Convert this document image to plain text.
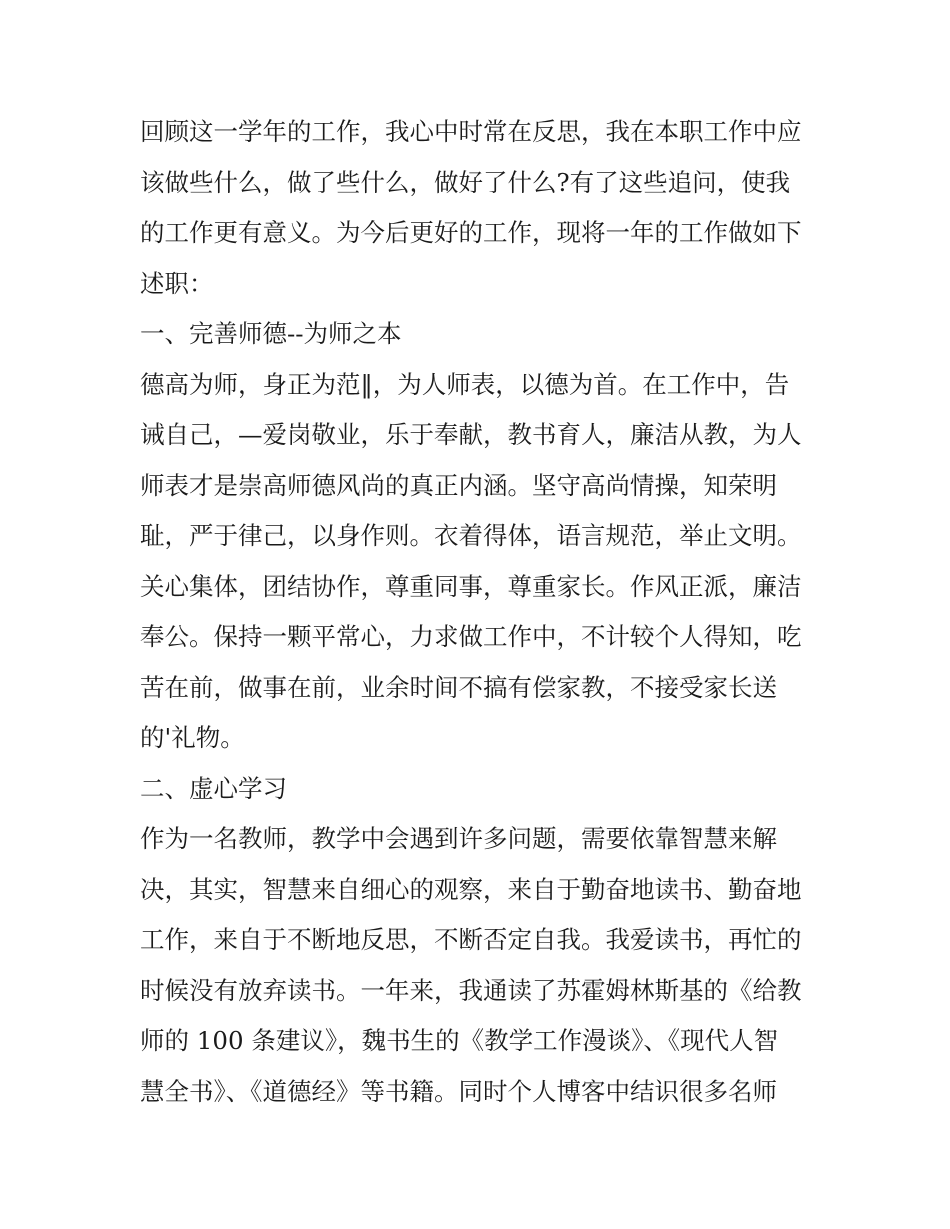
回顾这一学年的工作，我心中时常在反思，我在本职工作中应
该做些什么，做了些什么，做好了什么?有了这些追问，使我
的工作更有意义。为今后更好的工作，现将一年的工作做如下
述职：
一、完善师德--为师之本
德高为师，身正为范‖，为人师表，以德为首。在工作中，告
诫自己，—爱岗敬业，乐于奉献，教书育人，廉洁从教，为人
师表才是崇高师德风尚的真正内涵。坚守高尚情操，知荣明
耻，严于律己，以身作则。衣着得体，语言规范，举止文明。
关心集体，团结协作，尊重同事，尊重家长。作风正派，廉洁
奉公。保持一颗平常心，力求做工作中，不计较个人得知，吃
苦在前，做事在前，业余时间不搞有偿家教，不接受家长送
的'礼物。
二、虚心学习
作为一名教师，教学中会遇到许多问题，需要依靠智慧来解
决，其实，智慧来自细心的观察，来自于勤奋地读书、勤奋地
工作，来自于不断地反思，不断否定自我。我爱读书，再忙的
时候没有放弃读书。一年来，我通读了苏霍姆林斯基的《给教
师的 100 条建议》，魏书生的《教学工作漫谈》、《现代人智
慧全书》、《道德经》等书籍。同时个人博客中结识很多名师
